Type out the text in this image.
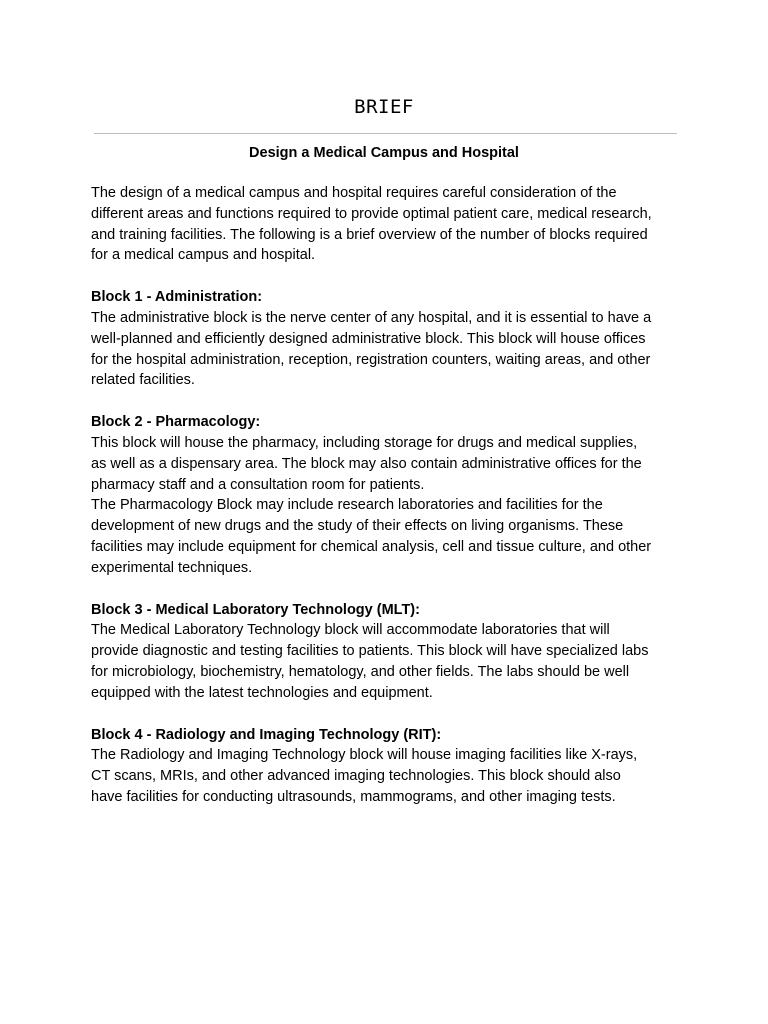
BRIEF
Design a Medical Campus and Hospital

The design of a medical campus and hospital requires careful consideration of the
different areas and functions required to provide optimal patient care, medical research,
and training facilities. The following is a brief overview of the number of blocks required
for a medical campus and hospital.

Block 1 - Administration:
The administrative block is the nerve center of any hospital, and it is essential to have a
well-planned and efficiently designed administrative block. This block will house offices
for the hospital administration, reception, registration counters, waiting areas, and other
related facilities.
Block 2 - Pharmacology:
This block will house the pharmacy, including storage for drugs and medical supplies,
as well as a dispensary area. The block may also contain administrative offices for the
pharmacy staff and a consultation room for patients.
The Pharmacology Block may include research laboratories and facilities for the
development of new drugs and the study of their effects on living organisms. These
facilities may include equipment for chemical analysis, cell and tissue culture, and other
experimental techniques.
Block 3 - Medical Laboratory Technology (MLT):
The Medical Laboratory Technology block will accommodate laboratories that will
provide diagnostic and testing facilities to patients. This block will have specialized labs
for microbiology, biochemistry, hematology, and other fields. The labs should be well
equipped with the latest technologies and equipment.
Block 4 - Radiology and Imaging Technology (RIT):
The Radiology and Imaging Technology block will house imaging facilities like X-rays,
CT scans, MRIs, and other advanced imaging technologies. This block should also
have facilities for conducting ultrasounds, mammograms, and other imaging tests.
